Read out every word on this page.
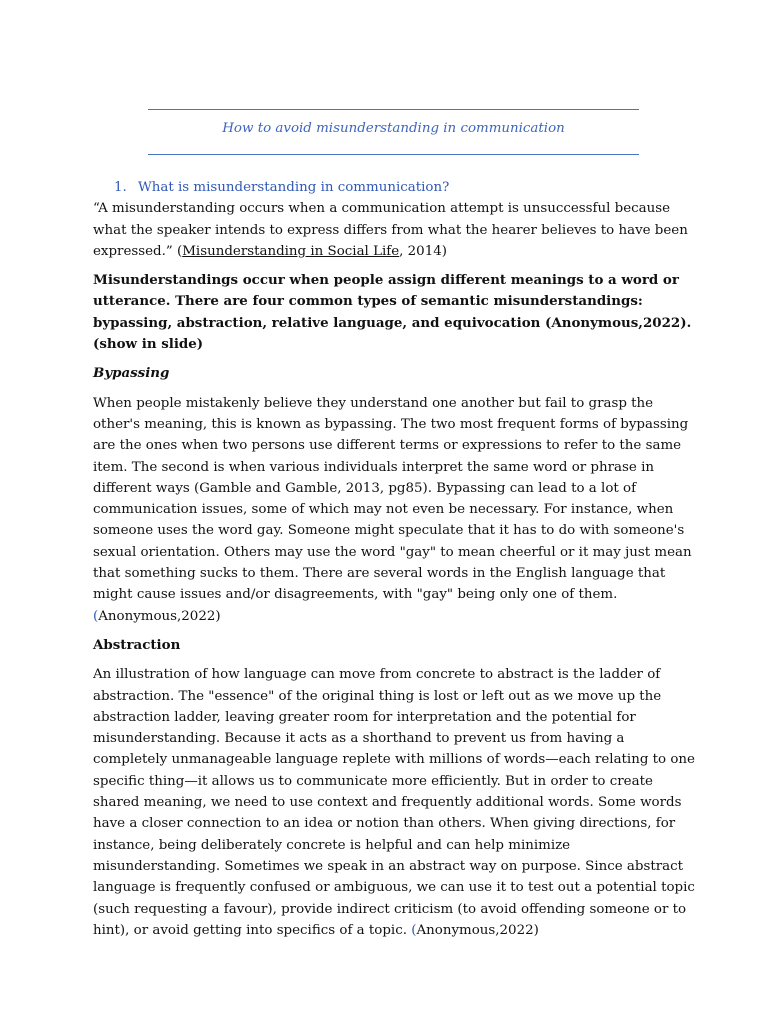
How to avoid misunderstanding in communication

1. What is misunderstanding in communication?

“A misunderstanding occurs when a communication attempt is unsuccessful because what the speaker intends to express differs from what the hearer believes to have been expressed.” (Misunderstanding in Social Life, 2014)

Misunderstandings occur when people assign different meanings to a word or utterance. There are four common types of semantic misunderstandings: bypassing, abstraction, relative language, and equivocation (Anonymous,2022). (show in slide)

Bypassing

When people mistakenly believe they understand one another but fail to grasp the other's meaning, this is known as bypassing. The two most frequent forms of bypassing are the ones when two persons use different terms or expressions to refer to the same item. The second is when various individuals interpret the same word or phrase in different ways (Gamble and Gamble, 2013, pg85). Bypassing can lead to a lot of communication issues, some of which may not even be necessary. For instance, when someone uses the word gay. Someone might speculate that it has to do with someone's sexual orientation. Others may use the word "gay" to mean cheerful or it may just mean that something sucks to them. There are several words in the English language that might cause issues and/or disagreements, with "gay" being only one of them.
(Anonymous,2022)

Abstraction

An illustration of how language can move from concrete to abstract is the ladder of abstraction. The "essence" of the original thing is lost or left out as we move up the abstraction ladder, leaving greater room for interpretation and the potential for misunderstanding. Because it acts as a shorthand to prevent us from having a completely unmanageable language replete with millions of words—each relating to one specific thing—it allows us to communicate more efficiently. But in order to create shared meaning, we need to use context and frequently additional words. Some words have a closer connection to an idea or notion than others. When giving directions, for instance, being deliberately concrete is helpful and can help minimize misunderstanding. Sometimes we speak in an abstract way on purpose. Since abstract language is frequently confused or ambiguous, we can use it to test out a potential topic (such requesting a favour), provide indirect criticism (to avoid offending someone or to hint), or avoid getting into specifics of a topic. (Anonymous,2022)
